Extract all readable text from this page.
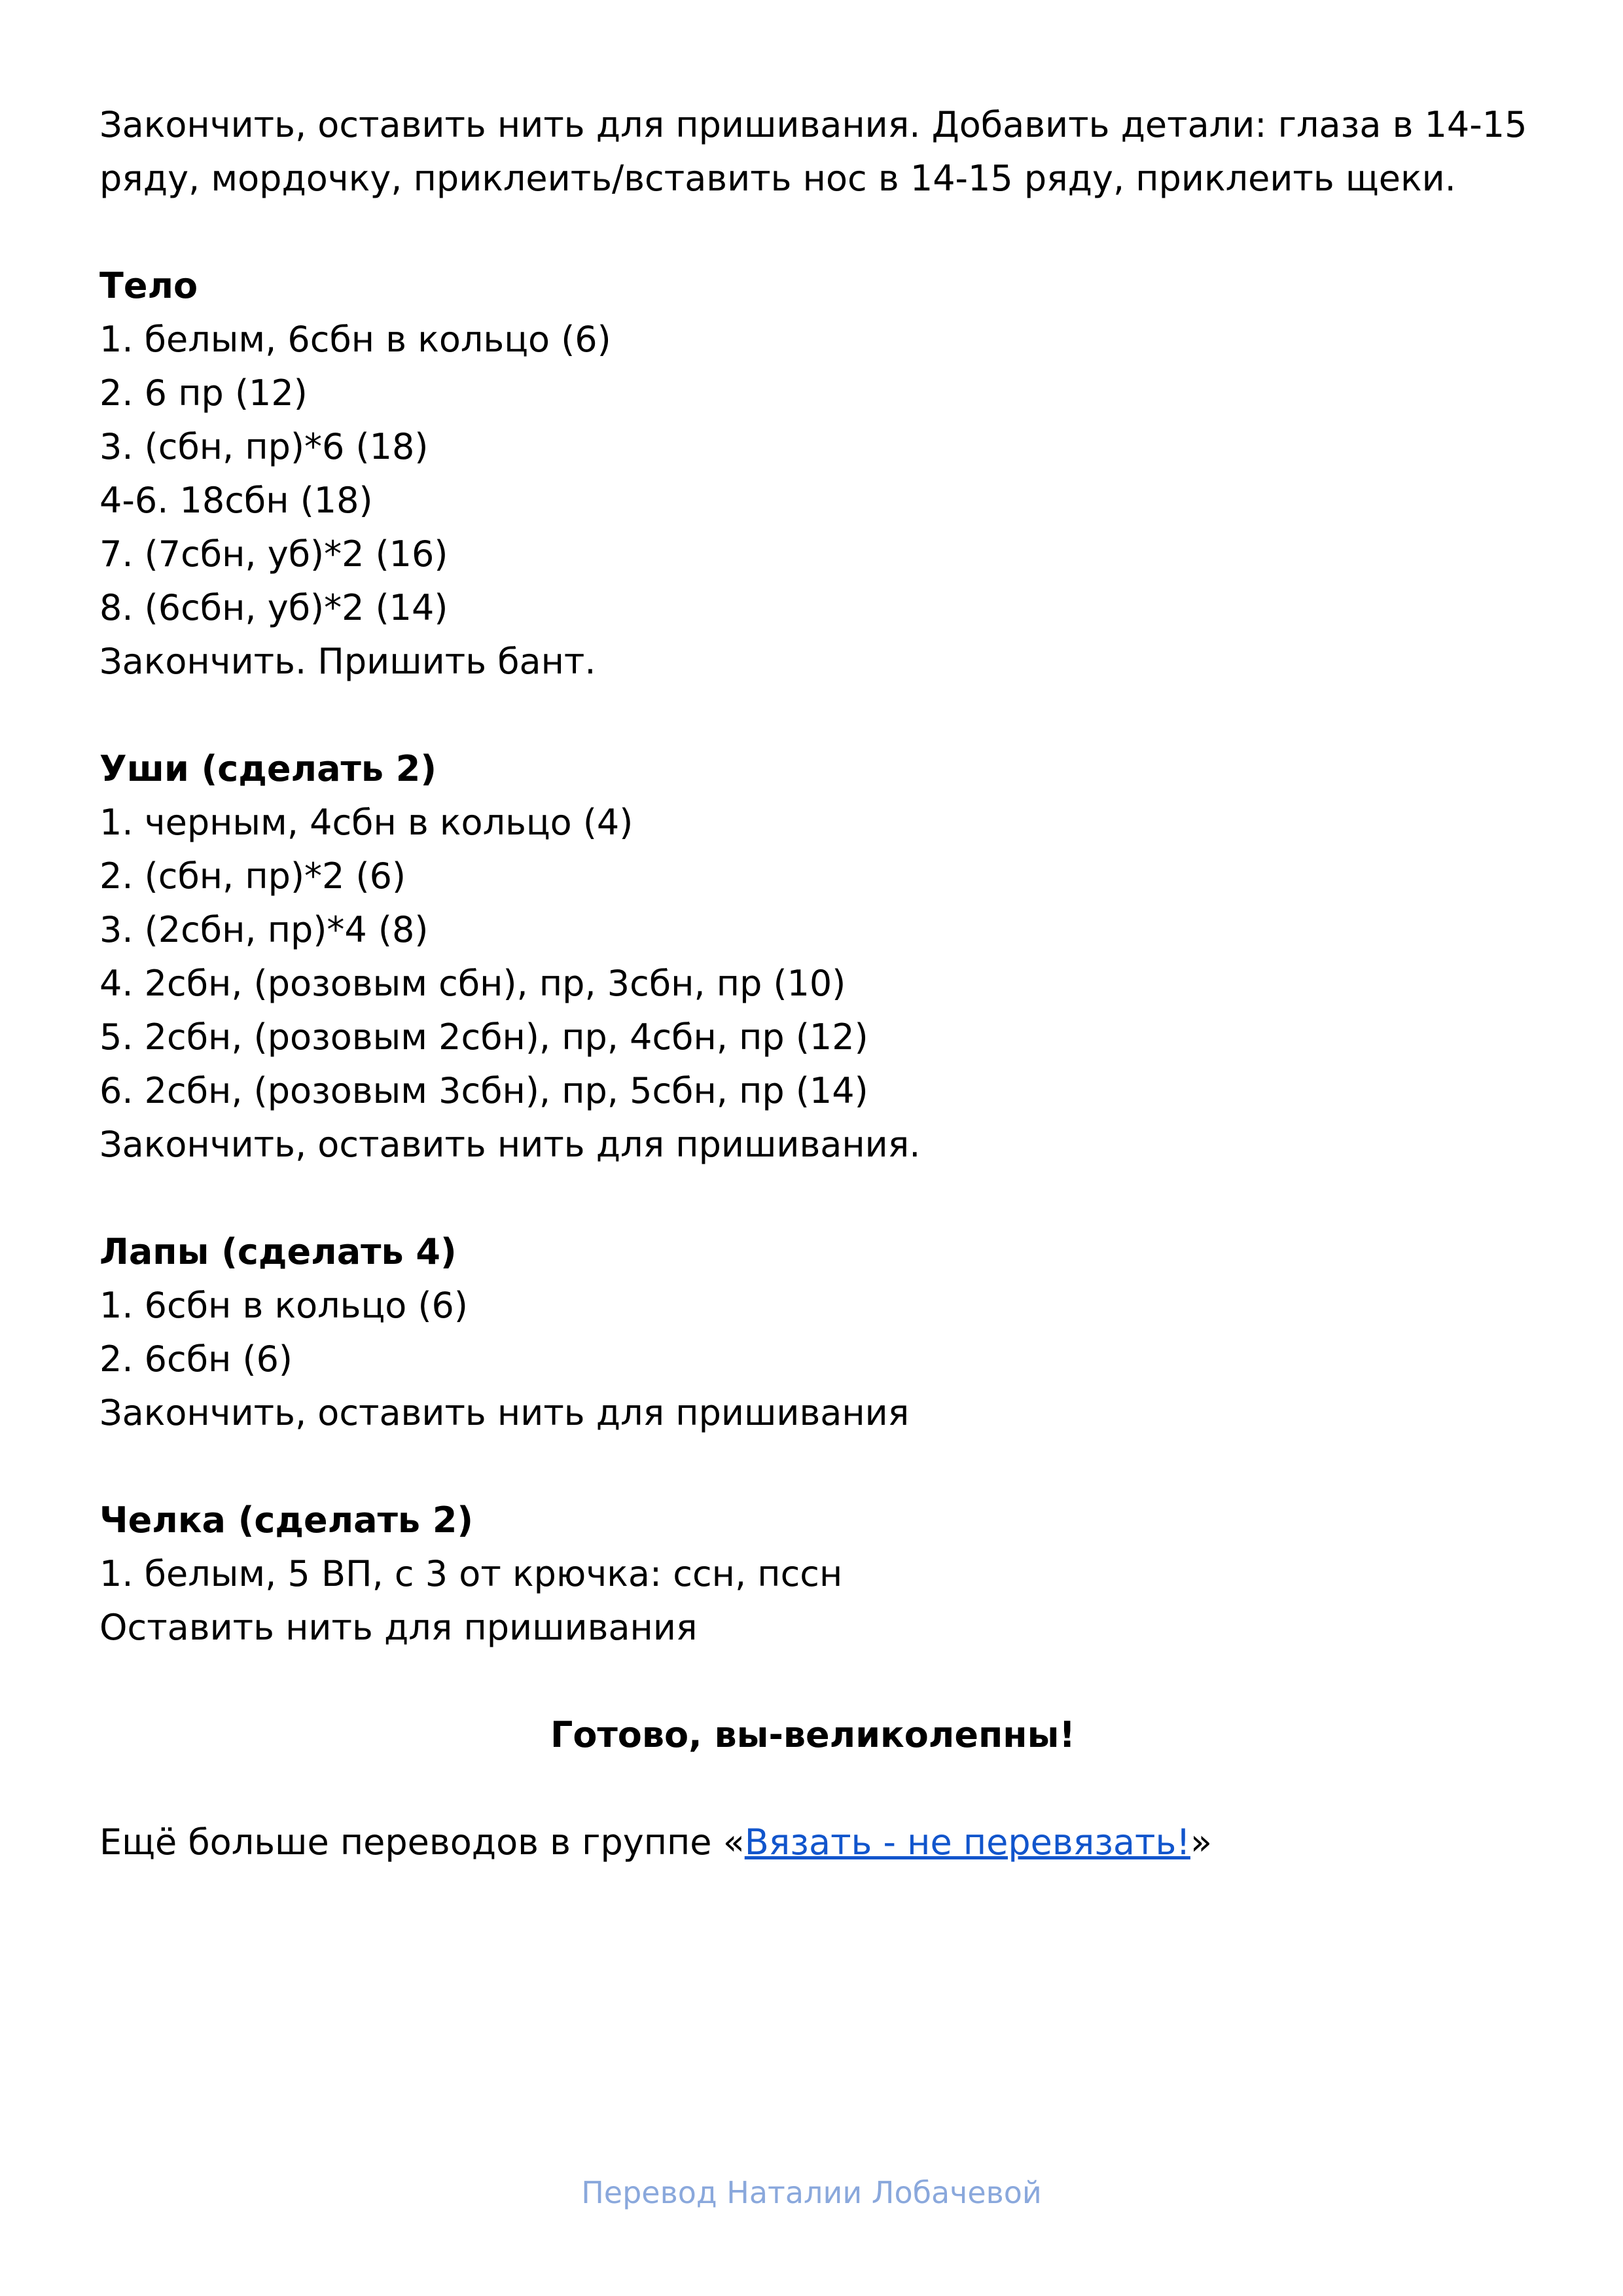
Закончить, оставить нить для пришивания. Добавить детали: глаза в 14-15
ряду, мордочку, приклеить/вставить нос в 14-15 ряду, приклеить щеки.

Тело

1. белым, 6сбн в кольцо (6)

2. 6 пр (12)

3. (сбн, пр)*6 (18)

4-6. 18сбн (18)

7. (7сбн, уб)*2 (16)

8. (6сбн, уб)*2 (14)

Закончить. Пришить бант.

Уши (сделать 2)

1. черным, 4сбн в кольцо (4)

2. (сбн, пр)*2 (6)

3. (2сбн, пр)*4 (8)

4. 2сбн, (розовым сбн), пр, 3сбн, пр (10)

5. 2сбн, (розовым 2сбн), пр, 4сбн, пр (12)

6. 2сбн, (розовым 3сбн), пр, 5сбн, пр (14)

Закончить, оставить нить для пришивания.

Лапы (сделать 4)

1. 6сбн в кольцо (6)

2. 6сбн (6)

Закончить, оставить нить для пришивания

Челка (сделать 2)

1. белым, 5 ВП, с 3 от крючка: ссн, пссн

Оставить нить для пришивания

Готово, вы-великолепны!

Ещё больше переводов в группе «Вязать - не перевязать!»

Перевод Наталии Лобачевой
